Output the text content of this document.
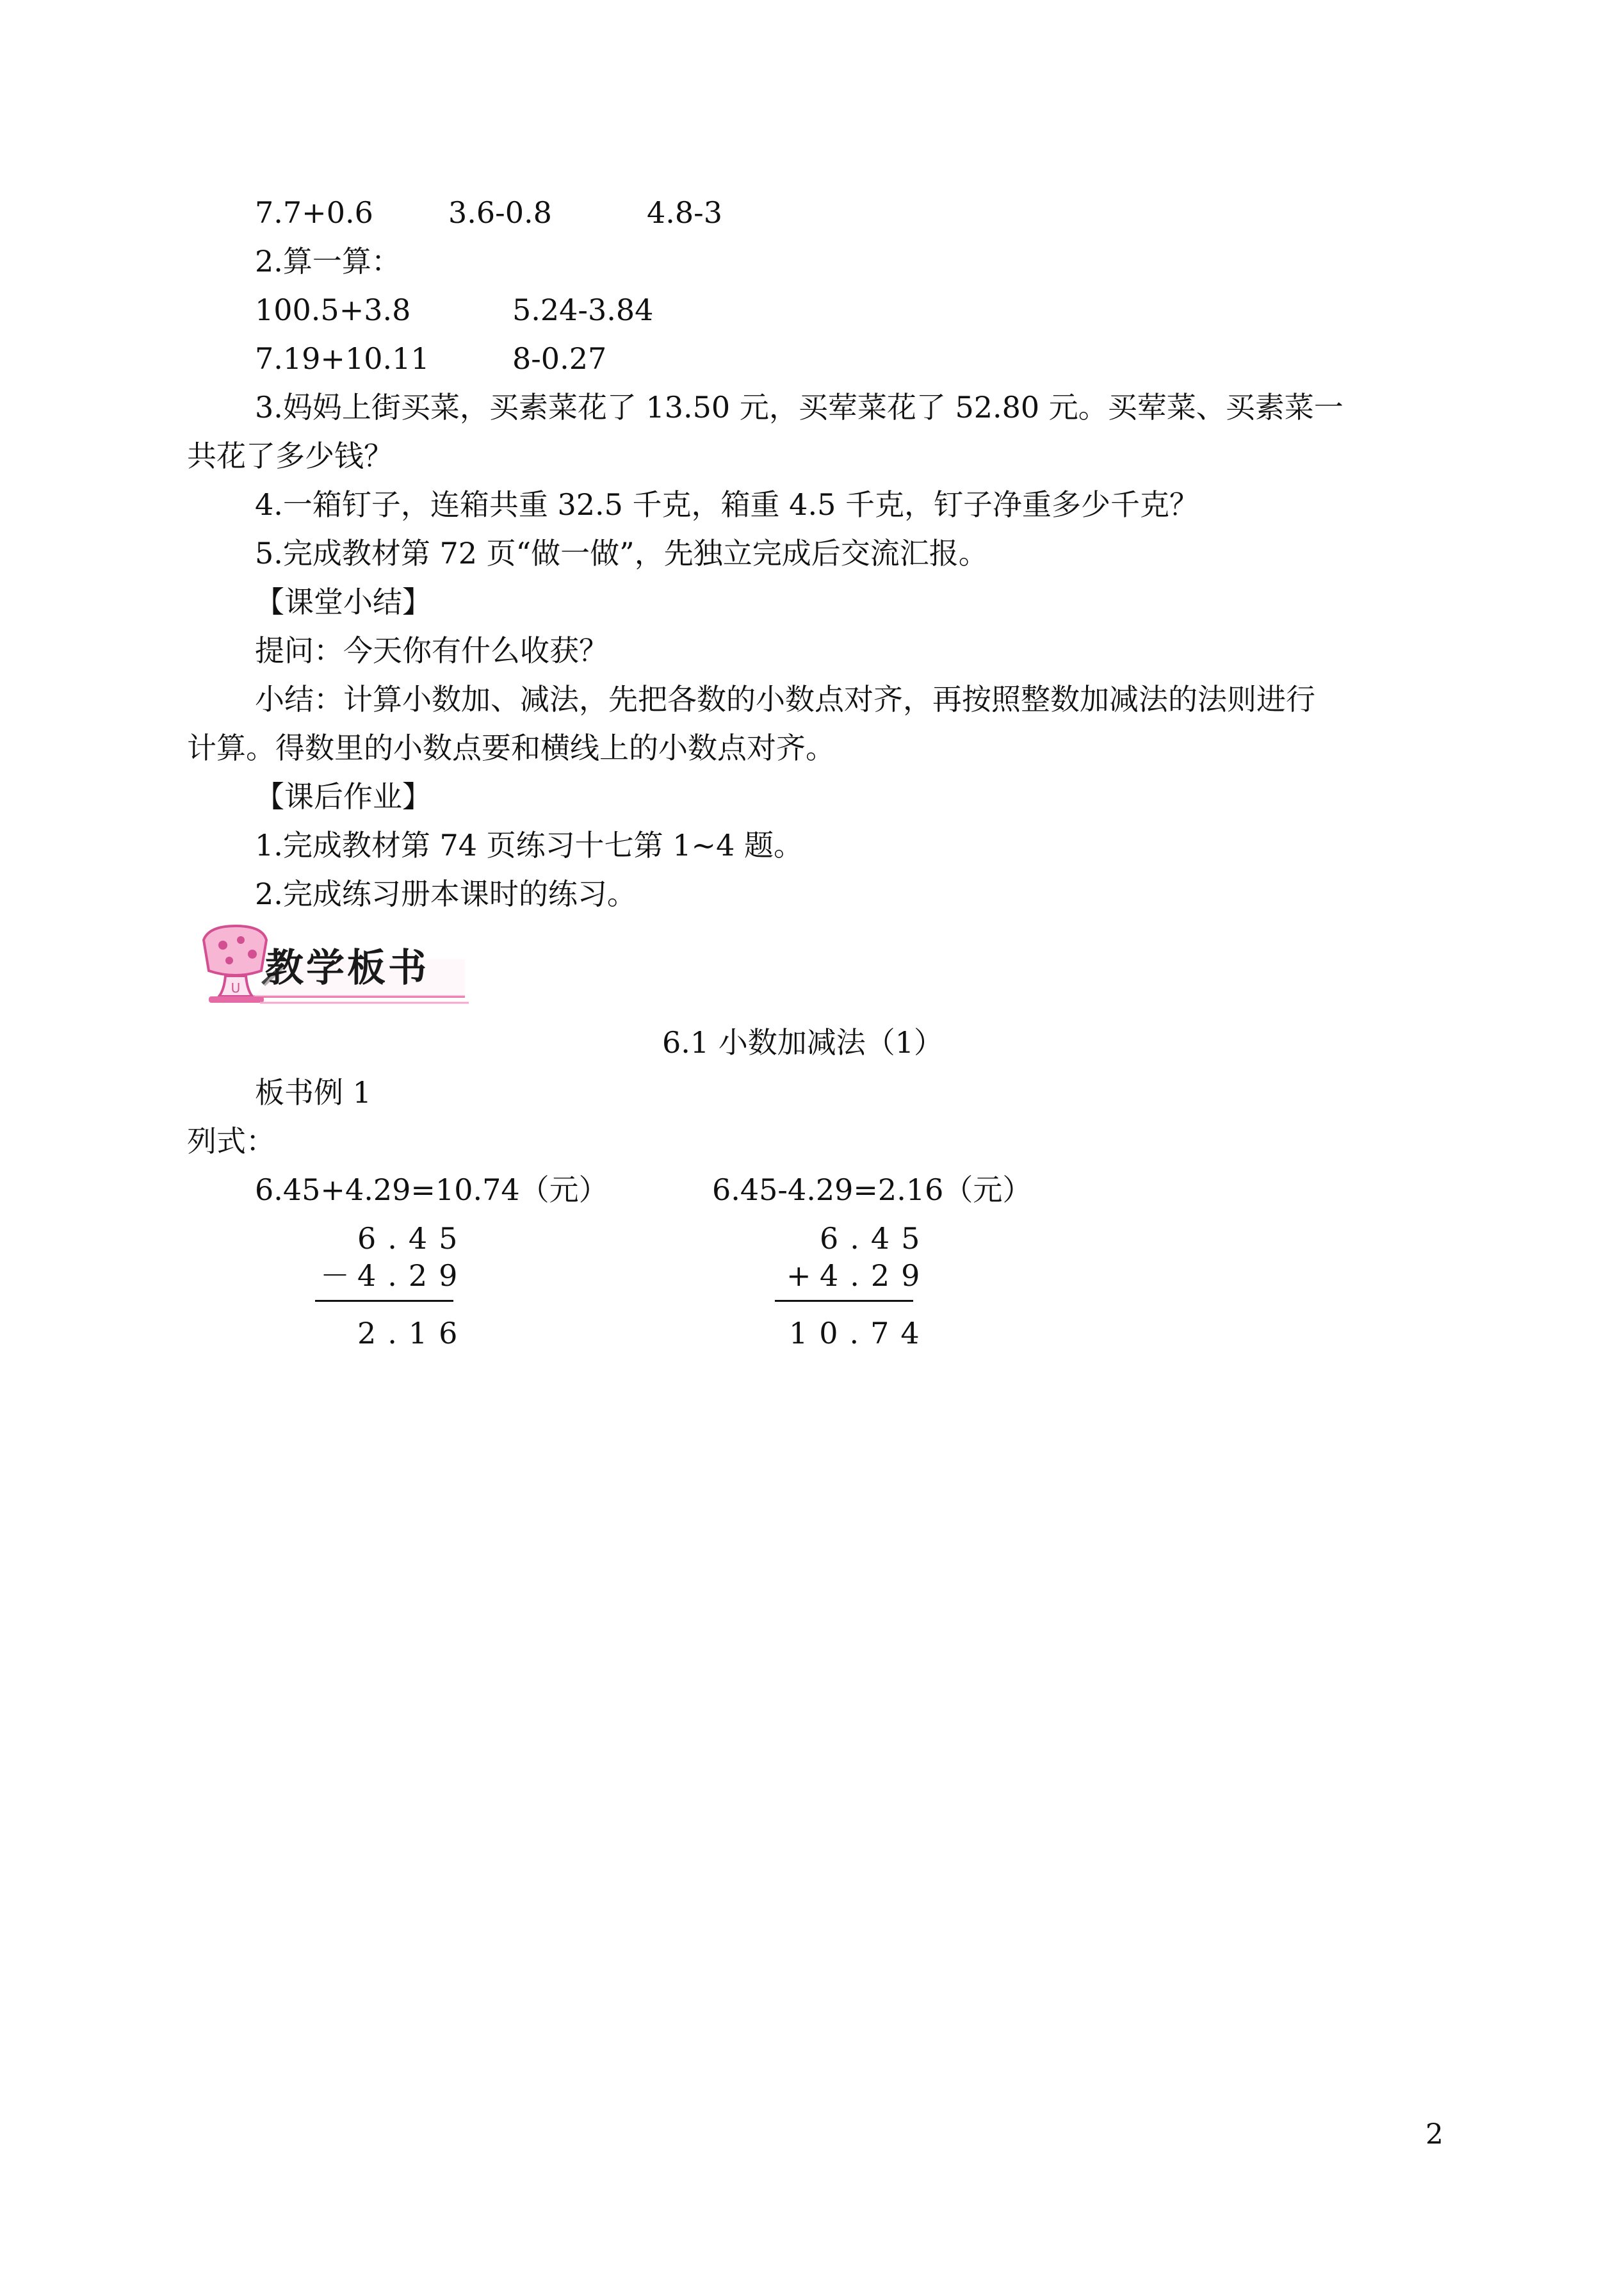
7.7+0.6	3.6-0.8	4.8-3
2.算一算：
100.5+3.8	5.24-3.84
7.19+10.11	8-0.27
3.妈妈上街买菜，买素菜花了 13.50 元，买荤菜花了 52.80 元。买荤菜、买素菜一
共花了多少钱？
4.一箱钉子，连箱共重 32.5 千克，箱重 4.5 千克，钉子净重多少千克？
5.完成教材第 72 页“做一做”，先独立完成后交流汇报。
【课堂小结】
提问：今天你有什么收获？
小结：计算小数加、减法，先把各数的小数点对齐，再按照整数加减法的法则进行
计算。得数里的小数点要和横线上的小数点对齐。
【课后作业】
1.完成教材第 74 页练习十七第 1~4 题。
2.完成练习册本课时的练习。
U 教学板书
6.1 小数加减法（1）
板书例 1
列式：
6.45+4.29=10.74（元）	6.45-4.29=2.16（元）
6.45
－ 4.29
2.16
6.45
+ 4.29
10.74
2
